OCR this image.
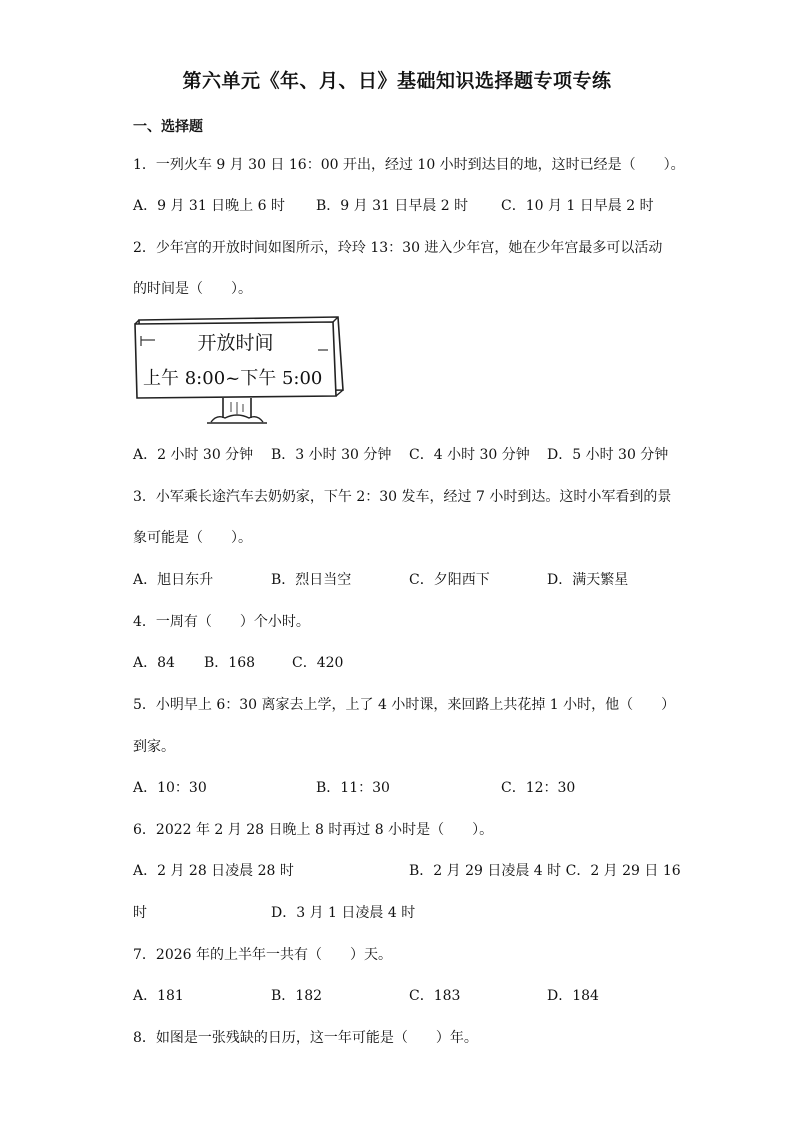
第六单元《年、月、日》基础知识选择题专项专练
一、选择题
1．一列火车 9 月 30 日 16：00 开出，经过 10 小时到达目的地，这时已经是（　　）。
A．9 月 31 日晚上 6 时 B．9 月 31 日早晨 2 时 C．10 月 1 日早晨 2 时
2．少年宫的开放时间如图所示，玲玲 13：30 进入少年宫，她在少年宫最多可以活动
的时间是（　　）。
开放时间
上午 8:00~下午 5:00
A．2 小时 30 分钟 B．3 小时 30 分钟 C．4 小时 30 分钟 D．5 小时 30 分钟
3．小军乘长途汽车去奶奶家，下午 2：30 发车，经过 7 小时到达。这时小军看到的景
象可能是（　　）。
A．旭日东升	B．烈日当空	C．夕阳西下	D．满天繁星
4．一周有（　　）个小时。
A．84 B．168	C．420
5．小明早上 6：30 离家去上学，上了 4 小时课，来回路上共花掉 1 小时，他（　　）
到家。
A．10：30	B．11：30	C．12：30
6．2022 年 2 月 28 日晚上 8 时再过 8 小时是（　　）。
A．2 月 28 日凌晨 28 时	B．2 月 29 日凌晨 4 时 C．2 月 29 日 16
时	D．3 月 1 日凌晨 4 时
7．2026 年的上半年一共有（　　）天。
A．181	B．182	C．183	D．184
8．如图是一张残缺的日历，这一年可能是（　　）年。
